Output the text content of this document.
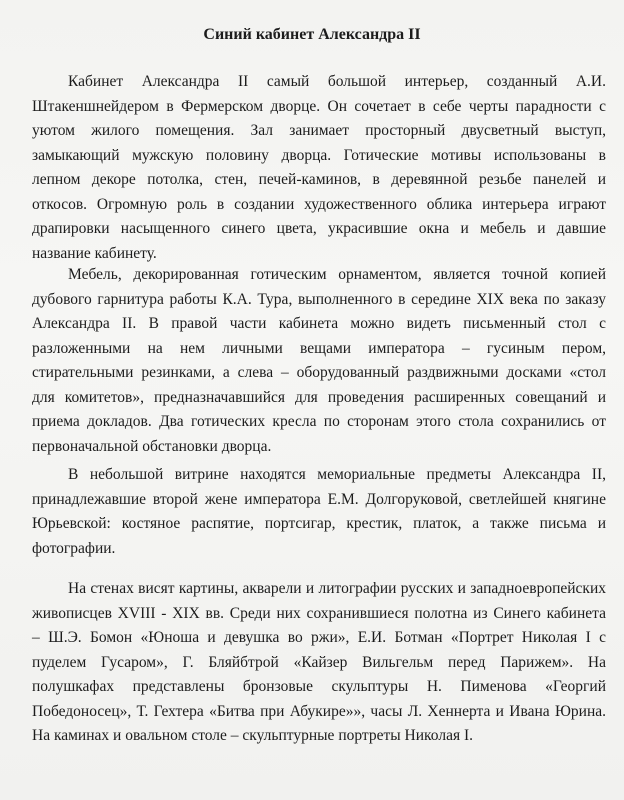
Синий кабинет Александра II

Кабинет Александра II самый большой интерьер, созданный А.И.
Штакеншнейдером в Фермерском дворце. Он сочетает в себе черты парадности с
уютом жилого помещения. Зал занимает просторный двусветный выступ,
замыкающий мужскую половину дворца. Готические мотивы использованы в
лепном декоре потолка, стен, печей-каминов, в деревянной резьбе панелей и
откосов. Огромную роль в создании художественного облика интерьера играют
драпировки насыщенного синего цвета, украсившие окна и мебель и давшие
название кабинету.

Мебель, декорированная готическим орнаментом, является точной копией
дубового гарнитура работы К.А. Тура, выполненного в середине XIX века по заказу
Александра II. В правой части кабинета можно видеть письменный стол с
разложенными на нем личными вещами императора – гусиным пером,
стирательными резинками, а слева – оборудованный раздвижными досками «стол
для комитетов», предназначавшийся для проведения расширенных совещаний и
приема докладов. Два готических кресла по сторонам этого стола сохранились от
первоначальной обстановки дворца.

В небольшой витрине находятся мемориальные предметы Александра II,
принадлежавшие второй жене императора Е.М. Долгоруковой, светлейшей княгине
Юрьевской: костяное распятие, портсигар, крестик, платок, а также письма и
фотографии.

На стенах висят картины, акварели и литографии русских и западноевропейских
живописцев XVIII - XIX вв. Среди них сохранившиеся полотна из Синего кабинета
– Ш.Э. Бомон «Юноша и девушка во ржи», Е.И. Ботман «Портрет Николая I с
пуделем Гусаром», Г. Бляйбтрой «Кайзер Вильгельм перед Парижем». На
полушкафах представлены бронзовые скульптуры Н. Пименова «Георгий
Победоносец», Т. Гехтера «Битва при Абукире»», часы Л. Хеннерта и Ивана Юрина.
На каминах и овальном столе – скульптурные портреты Николая I.
